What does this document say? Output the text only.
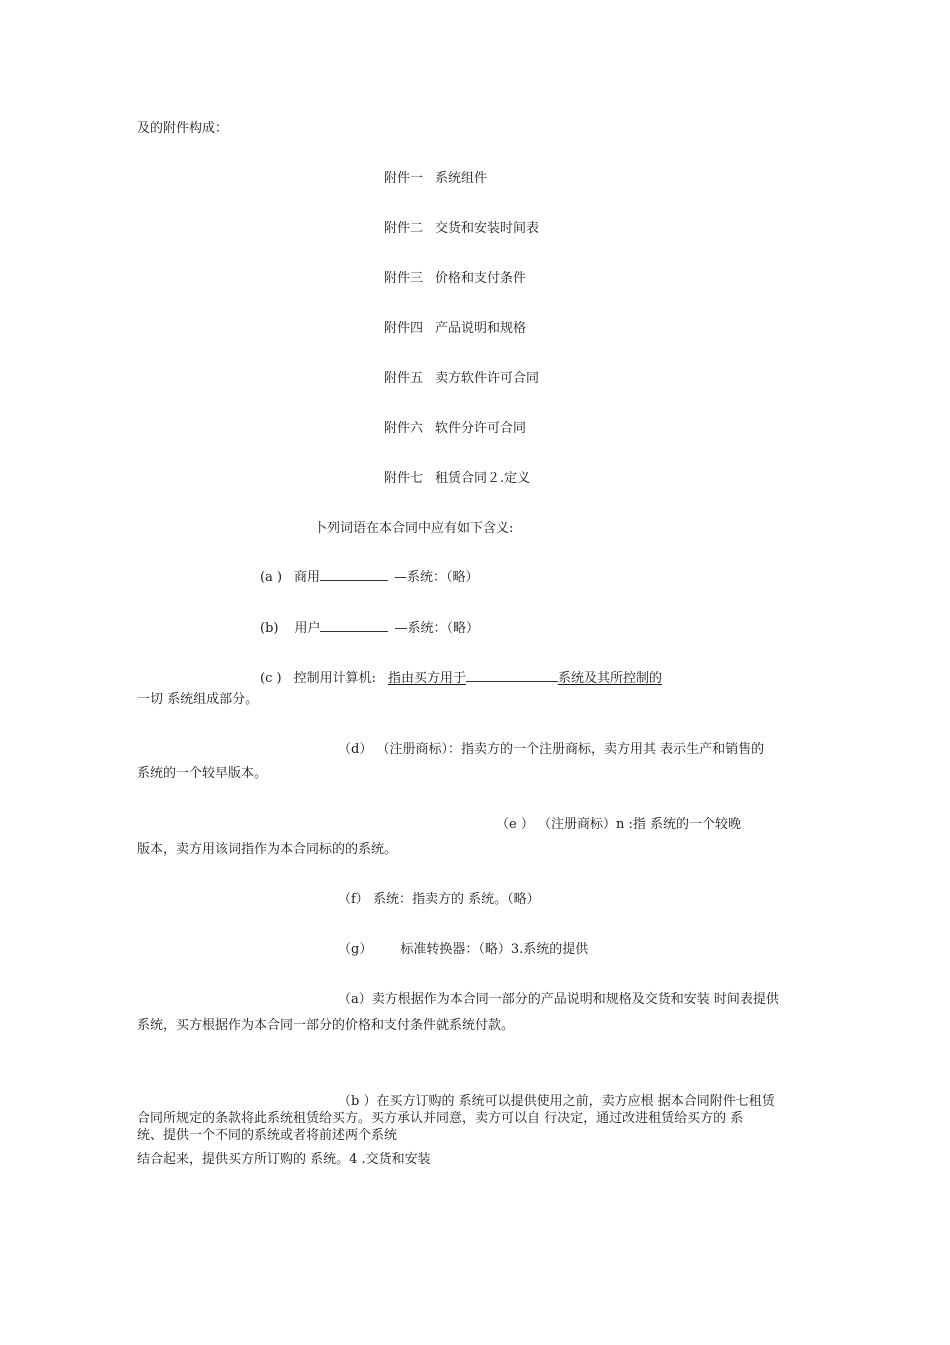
及的附件构成：
附件一 系统组件
附件二 交货和安装时间表
附件三 价格和支付条件
附件四 产品说明和规格
附件五 卖方软件许可合同
附件六 软件分许可合同
附件七 租赁合同２.定义
卜列词语在本合同中应有如下含义:
(a ) 商用	—系统：（略）
(b) 用户	—系统：（略）
(c ) 控制用计算机: 指由买方用于	系统及其所控制的
一切 系统组成部分。
（d） （注册商标）：指卖方的一个注册商标，卖方用其 表示生产和销售的
系统的一个较早版本。
（e ） （注册商标）n :指 系统的一个较晚
版本，卖方用该词指作为本合同标的的系统。
（f） 系统：指卖方的 系统。（略）
（g） 标准转换器：（略）3.系统的提供
（a）卖方根据作为本合同一部分的产品说明和规格及交货和安装 时间表提供
系统，买方根据作为本合同一部分的价格和支付条件就系统付款。
（b ）在买方订购的 系统可以提供使用之前，卖方应根 据本合同附件七租赁
合同所规定的条款将此系统租赁给买方。买方承认并同意，卖方可以自 行决定，通过改进租赁给买方的 系
统、提供一个不同的系统或者将前述两个系统
结合起来，提供买方所订购的 系统。4 .交货和安装
